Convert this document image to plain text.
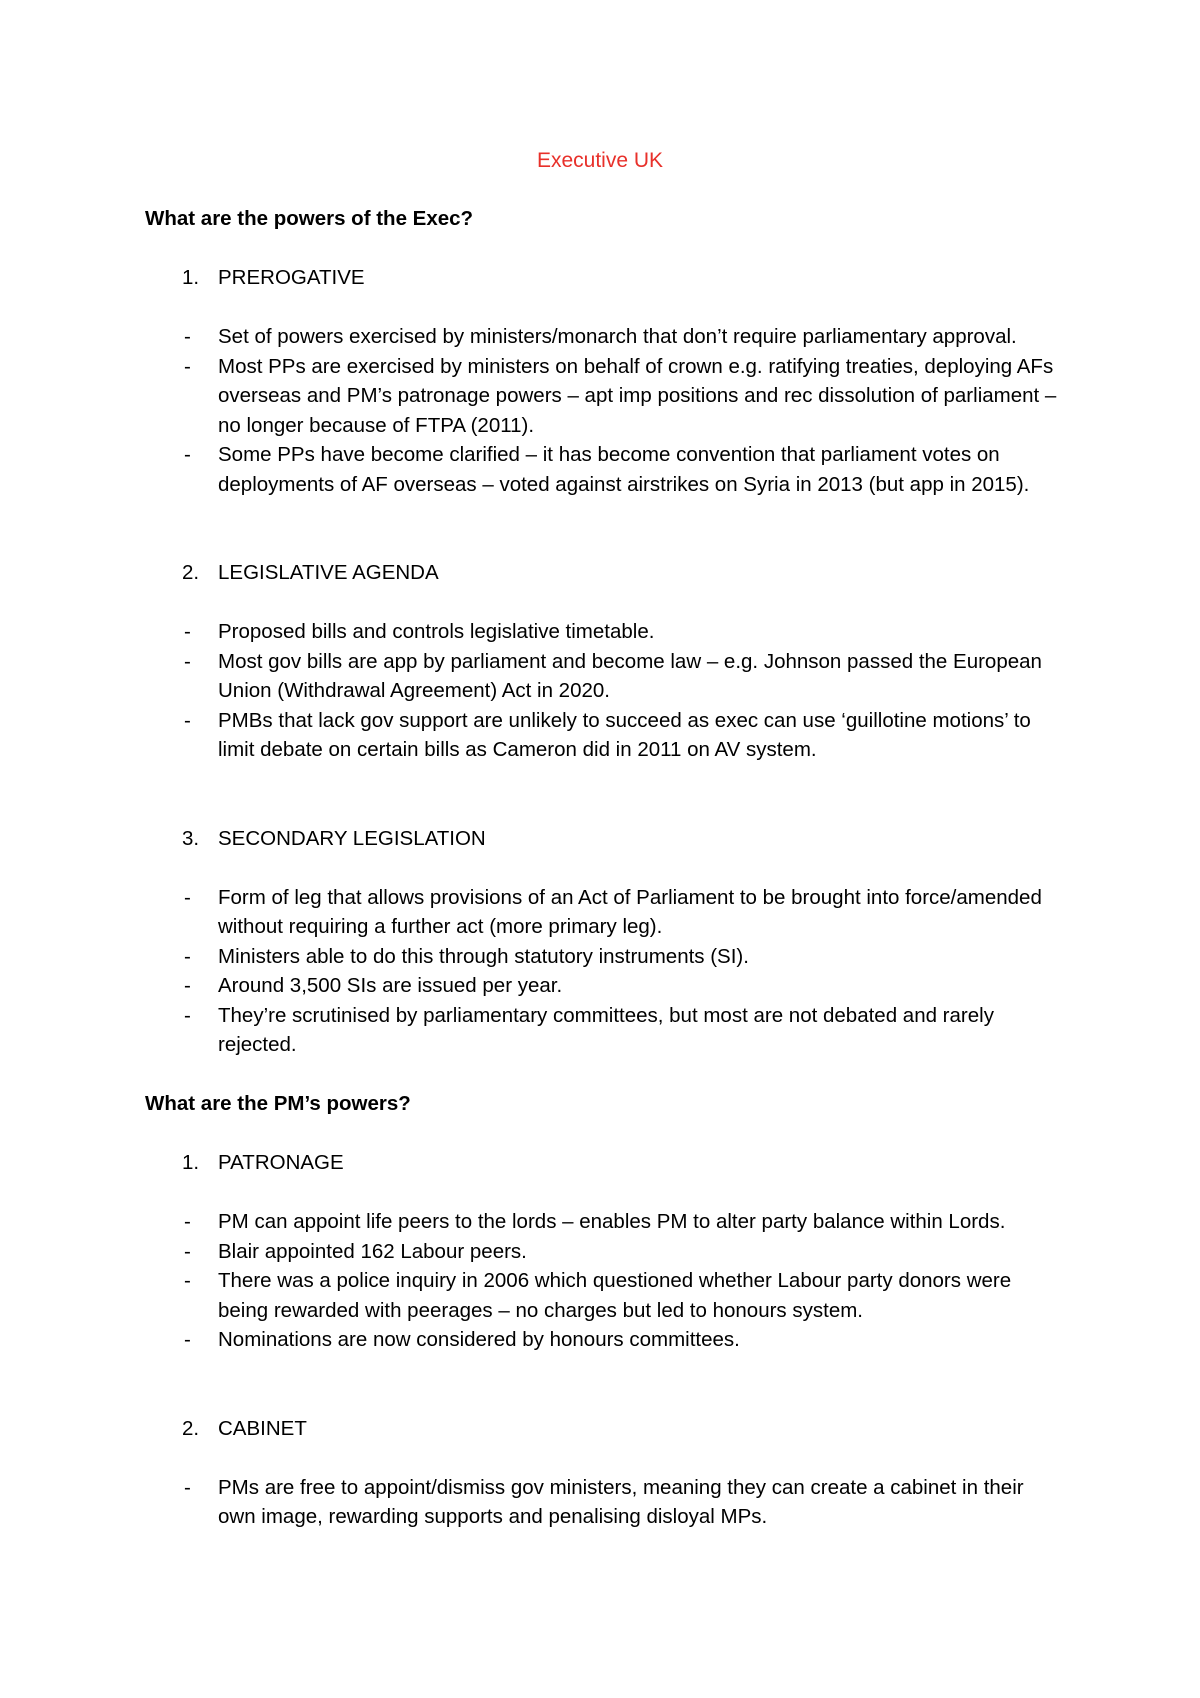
Executive UK
What are the powers of the Exec?
1. PREROGATIVE
- Set of powers exercised by ministers/monarch that don’t require parliamentary approval.
- Most PPs are exercised by ministers on behalf of crown e.g. ratifying treaties, deploying AFs overseas and PM’s patronage powers – apt imp positions and rec dissolution of parliament – no longer because of FTPA (2011).
- Some PPs have become clarified – it has become convention that parliament votes on deployments of AF overseas – voted against airstrikes on Syria in 2013 (but app in 2015).
2. LEGISLATIVE AGENDA
- Proposed bills and controls legislative timetable.
- Most gov bills are app by parliament and become law – e.g. Johnson passed the European Union (Withdrawal Agreement) Act in 2020.
- PMBs that lack gov support are unlikely to succeed as exec can use ‘guillotine motions’ to limit debate on certain bills as Cameron did in 2011 on AV system.
3. SECONDARY LEGISLATION
- Form of leg that allows provisions of an Act of Parliament to be brought into force/amended without requiring a further act (more primary leg).
- Ministers able to do this through statutory instruments (SI).
- Around 3,500 SIs are issued per year.
- They’re scrutinised by parliamentary committees, but most are not debated and rarely rejected.
What are the PM’s powers?
1. PATRONAGE
- PM can appoint life peers to the lords – enables PM to alter party balance within Lords.
- Blair appointed 162 Labour peers.
- There was a police inquiry in 2006 which questioned whether Labour party donors were being rewarded with peerages – no charges but led to honours system.
- Nominations are now considered by honours committees.
2. CABINET
- PMs are free to appoint/dismiss gov ministers, meaning they can create a cabinet in their own image, rewarding supports and penalising disloyal MPs.
